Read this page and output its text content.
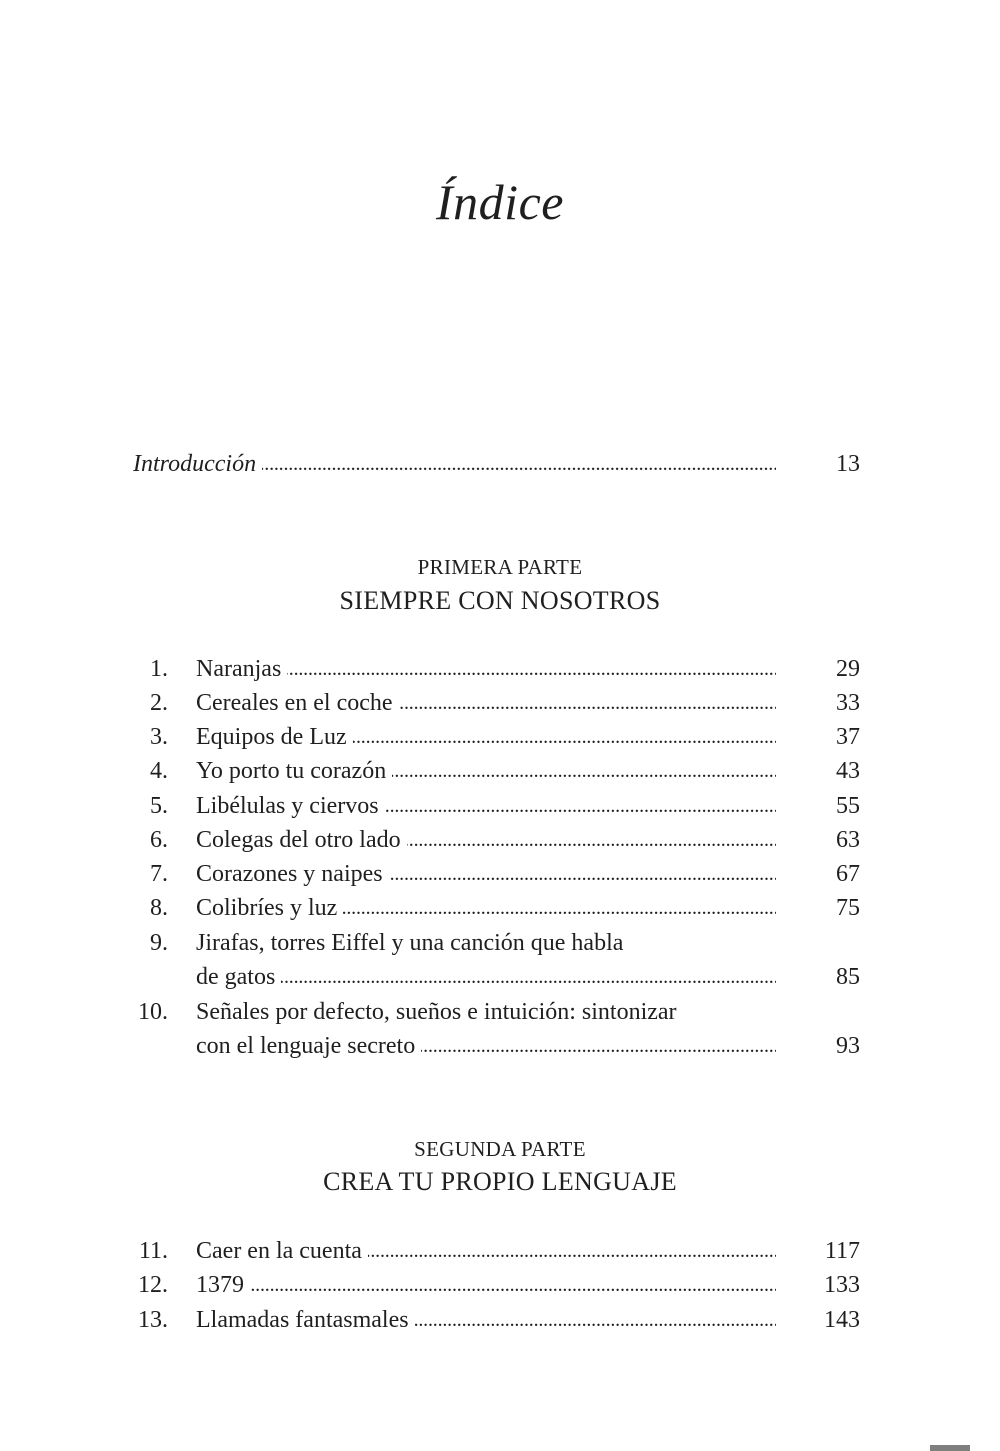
Índice
Introducción . . .	13
PRIMERA PARTE
SIEMPRE CON NOSOTROS
1. Naranjas . . .	29
2. Cereales en el coche . . .	33
3. Equipos de Luz . . .	37
4. Yo porto tu corazón . . .	43
5. Libélulas y ciervos . . .	55
6. Colegas del otro lado . . .	63
7. Corazones y naipes . . .	67
8. Colibríes y luz . . .	75
9. Jirafas, torres Eiffel y una canción que habla
de gatos . . .	85
10. Señales por defecto, sueños e intuición: sintonizar
con el lenguaje secreto . . .	93
SEGUNDA PARTE
CREA TU PROPIO LENGUAJE
11. Caer en la cuenta . . .	117
12. 1379 . . .	133
13. Llamadas fantasmales . . .	143
